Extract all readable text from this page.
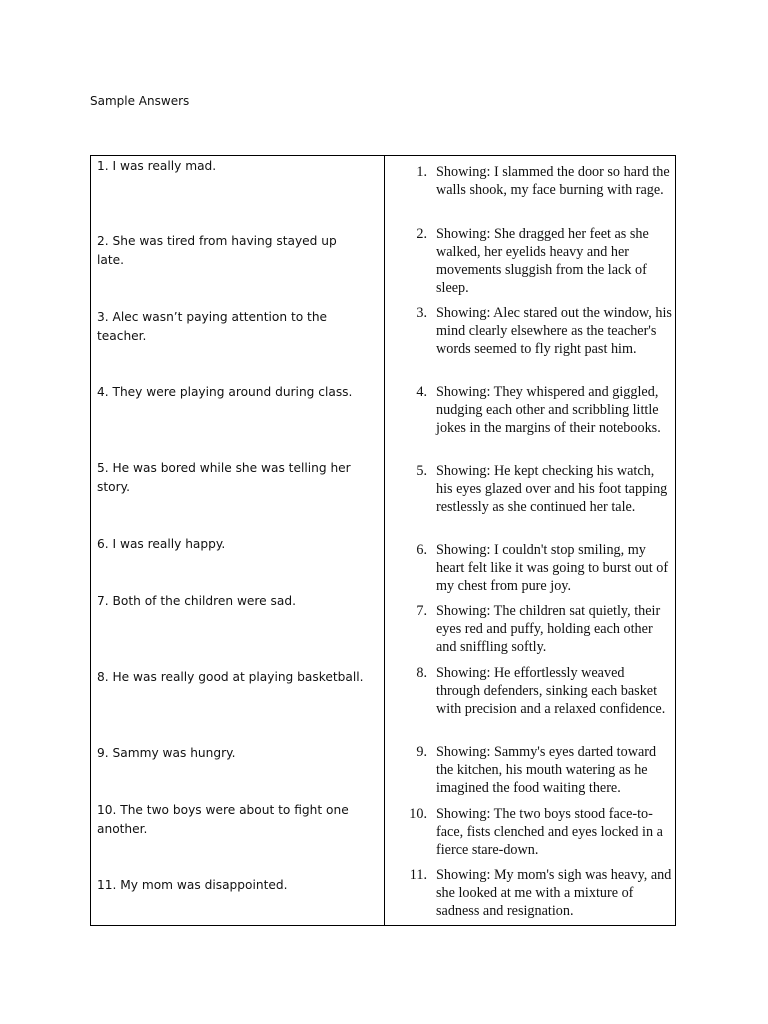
Sample Answers
1. I was really mad.
2. She was tired from having stayed up late.
3. Alec wasn’t paying attention to the teacher.
4. They were playing around during class.
5. He was bored while she was telling her story.
6. I was really happy.
7. Both of the children were sad.
8. He was really good at playing basketball.
9. Sammy was hungry.
10. The two boys were about to fight one another.
11. My mom was disappointed.
1. Showing: I slammed the door so hard the walls shook, my face burning with rage.
2. Showing: She dragged her feet as she walked, her eyelids heavy and her movements sluggish from the lack of sleep.
3. Showing: Alec stared out the window, his mind clearly elsewhere as the teacher's words seemed to fly right past him.
4. Showing: They whispered and giggled, nudging each other and scribbling little jokes in the margins of their notebooks.
5. Showing: He kept checking his watch, his eyes glazed over and his foot tapping restlessly as she continued her tale.
6. Showing: I couldn't stop smiling, my heart felt like it was going to burst out of my chest from pure joy.
7. Showing: The children sat quietly, their eyes red and puffy, holding each other and sniffling softly.
8. Showing: He effortlessly weaved through defenders, sinking each basket with precision and a relaxed confidence.
9. Showing: Sammy's eyes darted toward the kitchen, his mouth watering as he imagined the food waiting there.
10. Showing: The two boys stood face-to-face, fists clenched and eyes locked in a fierce stare-down.
11. Showing: My mom's sigh was heavy, and she looked at me with a mixture of sadness and resignation.
